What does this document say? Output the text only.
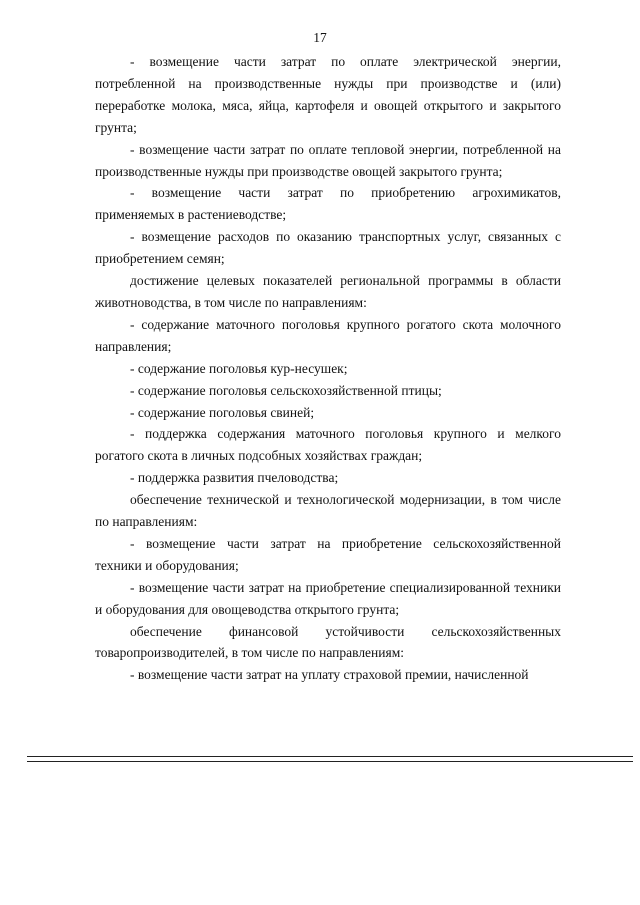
17

- возмещение части затрат по оплате электрической энергии, потребленной на производственные нужды при производстве и (или) переработке молока, мяса, яйца, картофеля и овощей открытого и закрытого грунта;

- возмещение части затрат по оплате тепловой энергии, потребленной на производственные нужды при производстве овощей закрытого грунта;

- возмещение части затрат по приобретению агрохимикатов, применяемых в растениеводстве;

- возмещение расходов по оказанию транспортных услуг, связанных с приобретением семян;

достижение целевых показателей региональной программы в области животноводства, в том числе по направлениям:

- содержание маточного поголовья крупного рогатого скота молочного направления;

- содержание поголовья кур-несушек;

- содержание поголовья сельскохозяйственной птицы;

- содержание поголовья свиней;

- поддержка содержания маточного поголовья крупного и мелкого рогатого скота в личных подсобных хозяйствах граждан;

- поддержка развития пчеловодства;

обеспечение технической и технологической модернизации, в том числе по направлениям:

- возмещение части затрат на приобретение сельскохозяйственной техники и оборудования;

- возмещение части затрат на приобретение специализированной техники и оборудования для овощеводства открытого грунта;

обеспечение финансовой устойчивости сельскохозяйственных товаропроизводителей, в том числе по направлениям:

- возмещение части затрат на уплату страховой премии, начисленной
